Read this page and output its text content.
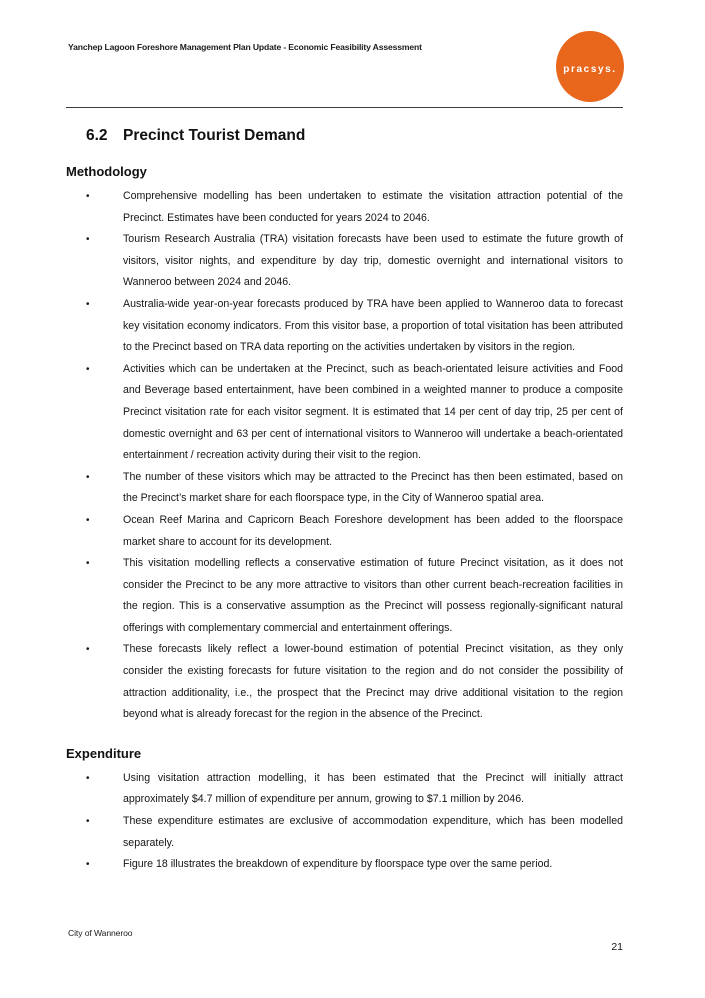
Yanchep Lagoon Foreshore Management Plan Update - Economic Feasibility Assessment
pracsys.
6.2 Precinct Tourist Demand
Methodology
•	Comprehensive modelling has been undertaken to estimate the visitation attraction potential of the Precinct. Estimates have been conducted for years 2024 to 2046.
•	Tourism Research Australia (TRA) visitation forecasts have been used to estimate the future growth of visitors, visitor nights, and expenditure by day trip, domestic overnight and international visitors to Wanneroo between 2024 and 2046.
•	Australia-wide year-on-year forecasts produced by TRA have been applied to Wanneroo data to forecast key visitation economy indicators. From this visitor base, a proportion of total visitation has been attributed to the Precinct based on TRA data reporting on the activities undertaken by visitors in the region.
•	Activities which can be undertaken at the Precinct, such as beach-orientated leisure activities and Food and Beverage based entertainment, have been combined in a weighted manner to produce a composite Precinct visitation rate for each visitor segment. It is estimated that 14 per cent of day trip, 25 per cent of domestic overnight and 63 per cent of international visitors to Wanneroo will undertake a beach-orientated entertainment / recreation activity during their visit to the region.
•	The number of these visitors which may be attracted to the Precinct has then been estimated, based on the Precinct’s market share for each floorspace type, in the City of Wanneroo spatial area.
•	Ocean Reef Marina and Capricorn Beach Foreshore development has been added to the floorspace market share to account for its development.
•	This visitation modelling reflects a conservative estimation of future Precinct visitation, as it does not consider the Precinct to be any more attractive to visitors than other current beach-recreation facilities in the region. This is a conservative assumption as the Precinct will possess regionally-significant natural offerings with complementary commercial and entertainment offerings.
•	These forecasts likely reflect a lower-bound estimation of potential Precinct visitation, as they only consider the existing forecasts for future visitation to the region and do not consider the possibility of attraction additionality, i.e., the prospect that the Precinct may drive additional visitation to the region beyond what is already forecast for the region in the absence of the Precinct.
Expenditure
•	Using visitation attraction modelling, it has been estimated that the Precinct will initially attract approximately $4.7 million of expenditure per annum, growing to $7.1 million by 2046.
•	These expenditure estimates are exclusive of accommodation expenditure, which has been modelled separately.
•	Figure 18 illustrates the breakdown of expenditure by floorspace type over the same period.
City of Wanneroo
21
